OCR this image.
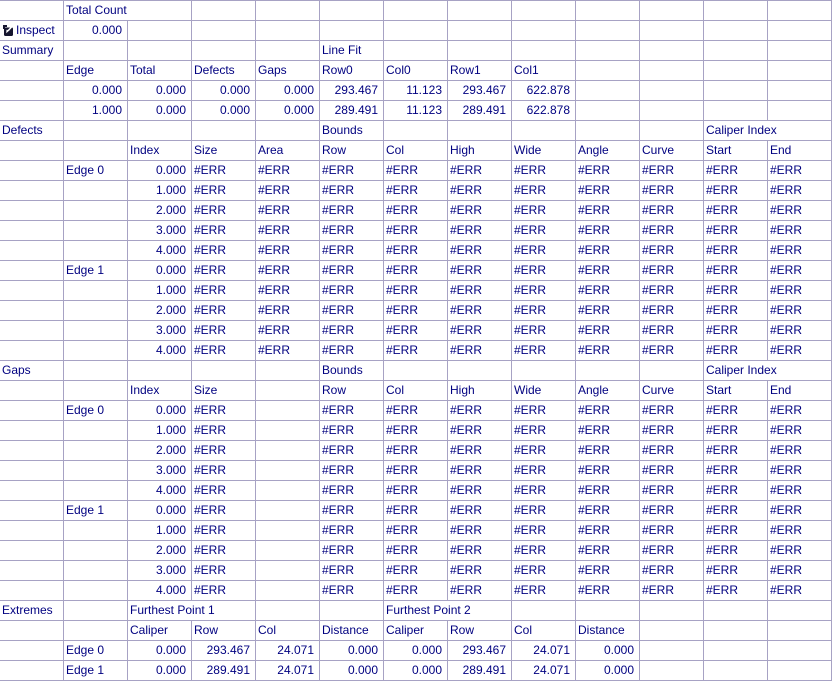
Total Count
Inspect	0.000
Summary	Line Fit
Edge	Total	Defects Gaps	Row0	Col0	Row1	Col1
0.000	0.000	0.000	0.000 293.467 11.123 293.467 622.878
1.000	0.000	0.000	0.000 289.491 11.123 289.491 622.878
Defects	Bounds	Caliper Index
Index	Size	Area	Row	Col	High	Wide	Angle	Curve	Start	End
Edge 0	0.000 #ERR	#ERR	#ERR	#ERR	#ERR	#ERR	#ERR	#ERR	#ERR	#ERR
1.000 #ERR	#ERR	#ERR	#ERR	#ERR	#ERR	#ERR	#ERR	#ERR	#ERR
2.000 #ERR	#ERR	#ERR	#ERR	#ERR	#ERR	#ERR	#ERR	#ERR	#ERR
3.000 #ERR	#ERR	#ERR	#ERR	#ERR	#ERR	#ERR	#ERR	#ERR	#ERR
4.000 #ERR	#ERR	#ERR	#ERR	#ERR	#ERR	#ERR	#ERR	#ERR	#ERR
Edge 1	0.000 #ERR	#ERR	#ERR	#ERR	#ERR	#ERR	#ERR	#ERR	#ERR	#ERR
1.000 #ERR	#ERR	#ERR	#ERR	#ERR	#ERR	#ERR	#ERR	#ERR	#ERR
2.000 #ERR	#ERR	#ERR	#ERR	#ERR	#ERR	#ERR	#ERR	#ERR	#ERR
3.000 #ERR	#ERR	#ERR	#ERR	#ERR	#ERR	#ERR	#ERR	#ERR	#ERR
4.000 #ERR	#ERR	#ERR	#ERR	#ERR	#ERR	#ERR	#ERR	#ERR	#ERR
Gaps	Bounds	Caliper Index
Index	Size	Row	Col	High	Wide	Angle	Curve	Start	End
Edge 0	0.000 #ERR	#ERR	#ERR	#ERR	#ERR	#ERR	#ERR	#ERR	#ERR
1.000 #ERR	#ERR	#ERR	#ERR	#ERR	#ERR	#ERR	#ERR	#ERR
2.000 #ERR	#ERR	#ERR	#ERR	#ERR	#ERR	#ERR	#ERR	#ERR
3.000 #ERR	#ERR	#ERR	#ERR	#ERR	#ERR	#ERR	#ERR	#ERR
4.000 #ERR	#ERR	#ERR	#ERR	#ERR	#ERR	#ERR	#ERR	#ERR
Edge 1	0.000 #ERR	#ERR	#ERR	#ERR	#ERR	#ERR	#ERR	#ERR	#ERR
1.000 #ERR	#ERR	#ERR	#ERR	#ERR	#ERR	#ERR	#ERR	#ERR
2.000 #ERR	#ERR	#ERR	#ERR	#ERR	#ERR	#ERR	#ERR	#ERR
3.000 #ERR	#ERR	#ERR	#ERR	#ERR	#ERR	#ERR	#ERR	#ERR
4.000 #ERR	#ERR	#ERR	#ERR	#ERR	#ERR	#ERR	#ERR	#ERR
Extremes	Furthest Point 1	Furthest Point 2
Caliper Row	Col	Distance Caliper Row	Col	Distance
Edge 0	0.000 293.467 24.071	0.000	0.000 293.467 24.071	0.000
Edge 1	0.000 289.491 24.071	0.000	0.000 289.491 24.071	0.000
